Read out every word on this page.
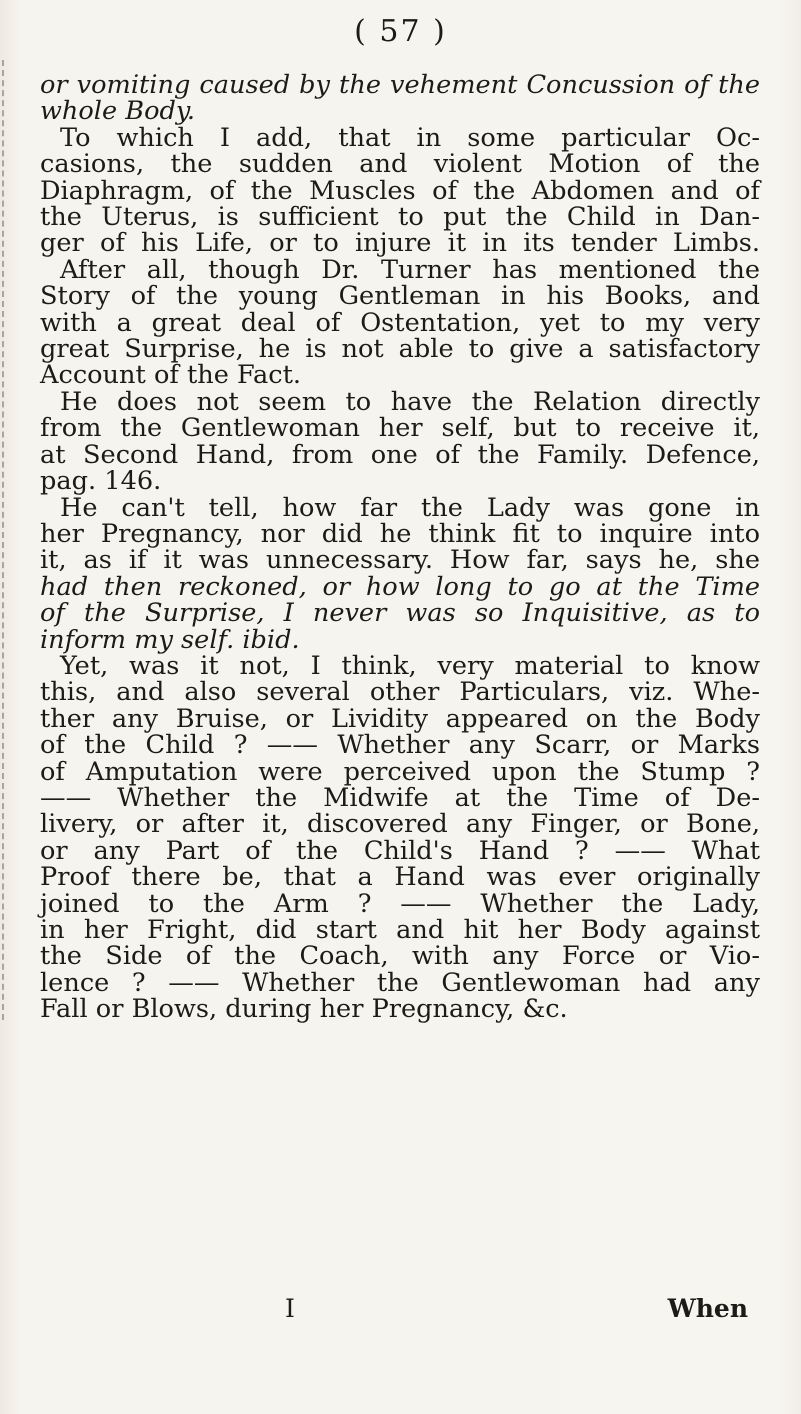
( 57 )
or vomiting caused by the vehement Concussion of the
whole Body.
To which I add, that in some particular Oc-
casions, the sudden and violent Motion of the
Diaphragm, of the Muscles of the Abdomen and of
the Uterus, is sufficient to put the Child in Dan-
ger of his Life, or to injure it in its tender Limbs.
After all, though Dr. Turner has mentioned the
Story of the young Gentleman in his Books, and
with a great deal of Ostentation, yet to my very
great Surprise, he is not able to give a satisfactory
Account of the Fact.
He does not seem to have the Relation directly
from the Gentlewoman her self, but to receive it,
at Second Hand, from one of the Family. Defence,
pag. 146.
He can't tell, how far the Lady was gone in
her Pregnancy, nor did he think fit to inquire into
it, as if it was unnecessary. How far, says he, she
had then reckoned, or how long to go at the Time
of the Surprise, I never was so Inquisitive, as to
inform my self. ibid.
Yet, was it not, I think, very material to know
this, and also several other Particulars, viz. Whe-
ther any Bruise, or Lividity appeared on the Body
of the Child ? —— Whether any Scarr, or Marks
of Amputation were perceived upon the Stump ?
—— Whether the Midwife at the Time of De-
livery, or after it, discovered any Finger, or Bone,
or any Part of the Child's Hand ? —— What
Proof there be, that a Hand was ever originally
joined to the Arm ? —— Whether the Lady,
in her Fright, did start and hit her Body against
the Side of the Coach, with any Force or Vio-
lence ? —— Whether the Gentlewoman had any
Fall or Blows, during her Pregnancy, &c.
I	When
